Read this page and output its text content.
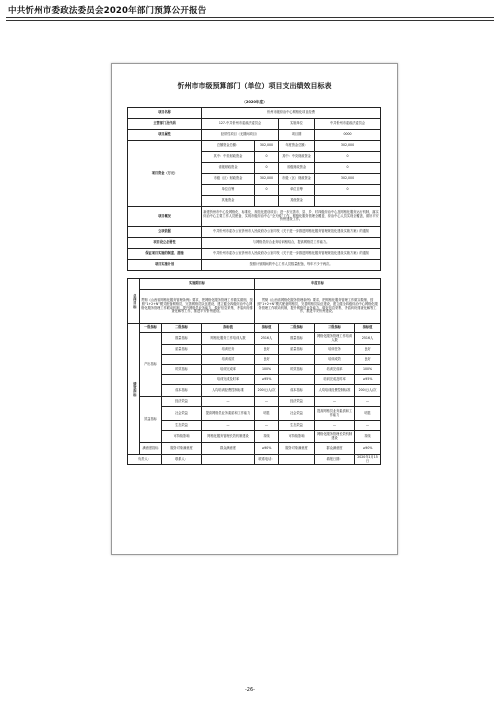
中共忻州市委政法委员会2020年部门预算公开报告
忻州市市级预算部门（单位）项目支出绩效目标表
（2020年度）
项目名称			忻州市级综治中心网格化项目经费				
主管部门及代码			127-中共忻州市委政法委员会		实施单位	中共忻州市委政法委员会	
项目属性			经常性项目（无期间项目）		项目期	0000	
项目资金（万元）			总额资金总额：	302,000	年度资金总额：	302,000	
			其中：中央财政资金	0	其中：中央财政资金	0	
			省级财政资金	0	省级财政资金	0	
			市级（区）财政资金	302,000	市级（区）财政资金	302,000	
			单位自筹	0	单位自筹	0	
			其他资金		其他资金		
项目概况			新建忻州市中心及网格化、标准化、规范化建设项目；进一步完善市、县、乡、村四级综治中心及网格化服务运行机制，落实综治中心主要工作人员配备，实现市级综治中心“全天候”工作，网格化服务管理全覆盖，综治中心人员实现全覆盖，做好平安忻州建设工作。				
立项依据			中共忻州市委办公室忻州市人民政府办公室印发《关于进一步推进网格化服务管理规范化建设实施方案》的通知				
项目设立必要性			与网格员综合业务培训相结合，提高网格员工作能力。				
保证项目实施的制度、措施			中共忻州市委办公室忻州市人民政府办公室印发《关于进一步推进网格化服务管理规范化建设实施方案》的通知				
项目实施计划			按照计划期间的中心工作人员数量配备，每年不少于两次。				

总体目标	实施期目标			年度目标			
	贯彻《山西省网格化服务管理条例》要求，把网格化服务管理工作做实做细，按照“1+2+N”模式配备网格员，完善网格员队伍建设，建立健全四级综治中心网格化服务管理工作联动机制，提升网格员业务能力，做好信息采集、矛盾纠纷排查化解等工作，推进平安忻州建设。			贯彻《山西省网格化服务管理条例》要求，把网格化服务管理工作做实做细，按照“1+2+N”模式配备网格员，完善网格员队伍建设，建立健全四级综治中心网格化服务管理工作联动机制，提升网格员业务能力，做好信息采集、矛盾纠纷排查化解等工作，推进平安忻州建设。			
绩效指标	一级指标	二级指标	指标值	指标值	二级指标	三级指标	指标值
	产出指标	数量指标	网格化服务工作培训人数	2516人	数量指标	网格化服务管理工作培训人数	2516人
		质量指标	培训任务	良好	质量指标	培训任务	良好
			培训成效	良好		培训成效	良好
		时效指标	培训完成率	100%	时效指标	培训完成率	100%
			培训完成及时率	≥95%		培训完成及时率	≥95%
		成本指标	人均培训经费控制标准	200元/人/次	成本指标	人均培训经费控制标准	200元/人/次
	效益指标	经济效益	—	—	经济效益	—	—
		社会效益	提高网格员业务素质和工作能力	明显	社会效益	提高网格员业务素质和工作能力	明显
		生态效益	—	—	生态效益	—	—
		可持续影响	网格化服务管理长效机制建设	持续	可持续影响	网格化服务管理长效机制建设	持续
	满意度指标	服务对象满意度	群众满意度	≥90%	服务对象满意度	群众满意度	≥90%
负责人：		联系人：		联系电话：		填报日期：	2020年1月15日
-26-
